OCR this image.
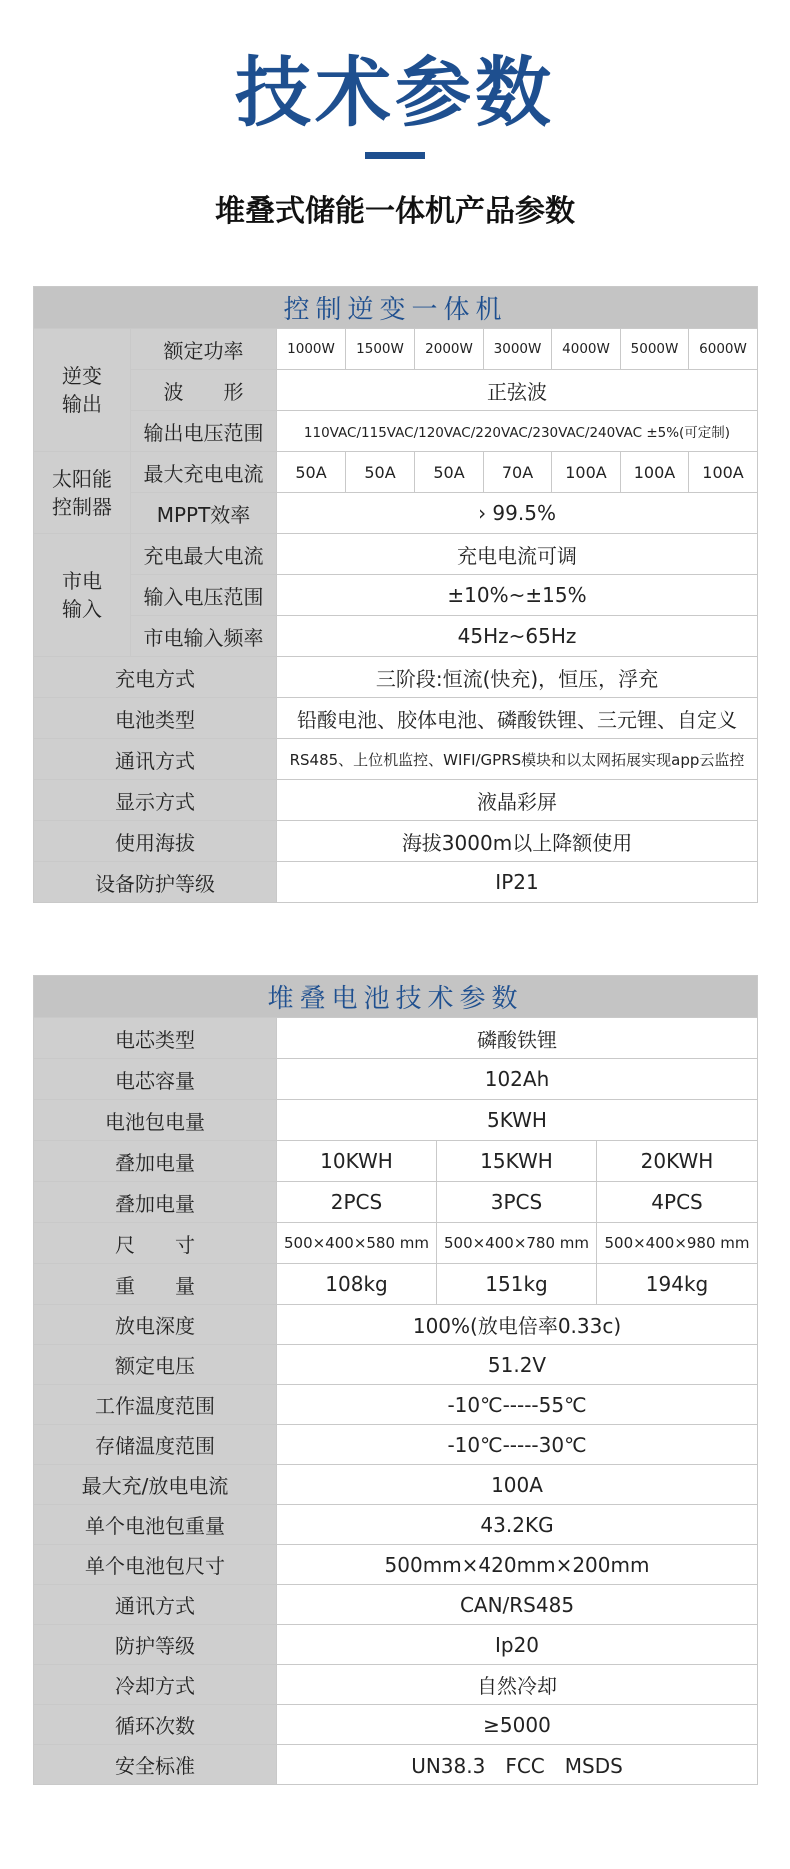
技术参数
堆叠式储能一体机产品参数
控制逆变一体机								
逆变
输出	额定功率	1000W	1500W	2000W	3000W	4000W	5000W	6000W
	波　　形	正弦波						
	输出电压范围	110VAC/115VAC/120VAC/220VAC/230VAC/240VAC ±5%(可定制)						
太阳能
控制器	最大充电电流	50A	50A	50A	70A	100A	100A	100A
	MPPT效率	› 99.5%						
市电
输入	充电最大电流	充电电流可调						
	输入电压范围	±10%~±15%						
	市电输入频率	45Hz~65Hz						
充电方式		三阶段:恒流(快充)，恒压，浮充						
电池类型		铅酸电池、胶体电池、磷酸铁锂、三元锂、自定义						
通讯方式		RS485、上位机监控、WIFI/GPRS模块和以太网拓展实现app云监控						
显示方式		液晶彩屏						
使用海拔		海拔3000m以上降额使用						
设备防护等级		IP21						
堆叠电池技术参数			
电芯类型	磷酸铁锂		
电芯容量	102Ah		
电池包电量	5KWH		
叠加电量	10KWH	15KWH	20KWH
叠加电量	2PCS	3PCS	4PCS
尺　　寸	500×400×580 mm	500×400×780 mm	500×400×980 mm
重　　量	108kg	151kg	194kg
放电深度	100%(放电倍率0.33c)		
额定电压	51.2V		
工作温度范围	-10℃-----55℃		
存储温度范围	-10℃-----30℃		
最大充/放电电流	100A		
单个电池包重量	43.2KG		
单个电池包尺寸	500mm×420mm×200mm		
通讯方式	CAN/RS485		
防护等级	Ip20		
冷却方式	自然冷却		
循环次数	≥5000		
安全标准	UN38.3　FCC　MSDS		
